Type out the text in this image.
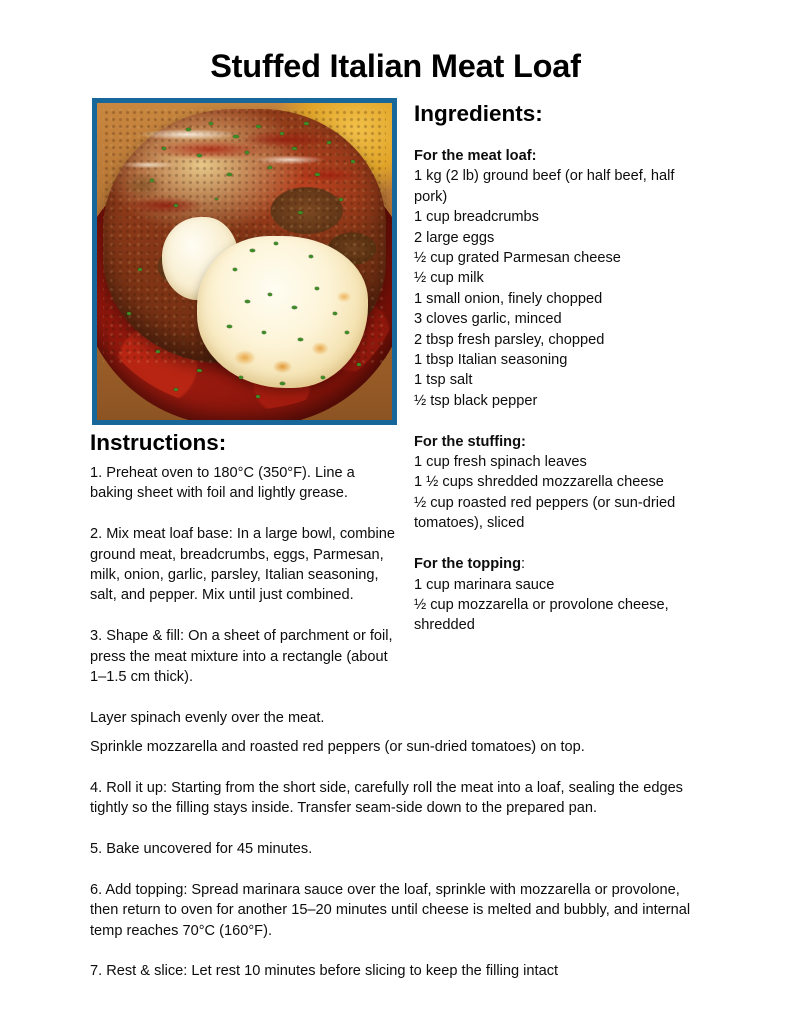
Stuffed Italian Meat Loaf
Ingredients:
For the meat loaf:
1 kg (2 lb) ground beef (or half beef, half pork)
1 cup breadcrumbs
2 large eggs
½ cup grated Parmesan cheese
½ cup milk
1 small onion, finely chopped
3 cloves garlic, minced
2 tbsp fresh parsley, chopped
1 tbsp Italian seasoning
1 tsp salt
½ tsp black pepper
For the stuffing:
1 cup fresh spinach leaves
1 ½ cups shredded mozzarella cheese
½ cup roasted red peppers (or sun-dried tomatoes), sliced
For the topping:
1 cup marinara sauce
½ cup mozzarella or provolone cheese, shredded
Instructions:

1. Preheat oven to 180°C (350°F). Line a baking sheet with foil and lightly grease.

2. Mix meat loaf base: In a large bowl, combine ground meat, breadcrumbs, eggs, Parmesan, milk, onion, garlic, parsley, Italian seasoning, salt, and pepper. Mix until just combined.

3. Shape & fill: On a sheet of parchment or foil, press the meat mixture into a rectangle (about 1–1.5 cm thick).

Layer spinach evenly over the meat.

Sprinkle mozzarella and roasted red peppers (or sun-dried tomatoes) on top.

4. Roll it up: Starting from the short side, carefully roll the meat into a loaf, sealing the edges tightly so the filling stays inside. Transfer seam-side down to the prepared pan.

5. Bake uncovered for 45 minutes.

6. Add topping: Spread marinara sauce over the loaf, sprinkle with mozzarella or provolone, then return to oven for another 15–20 minutes until cheese is melted and bubbly, and internal temp reaches 70°C (160°F).

7. Rest & slice: Let rest 10 minutes before slicing to keep the filling intact
